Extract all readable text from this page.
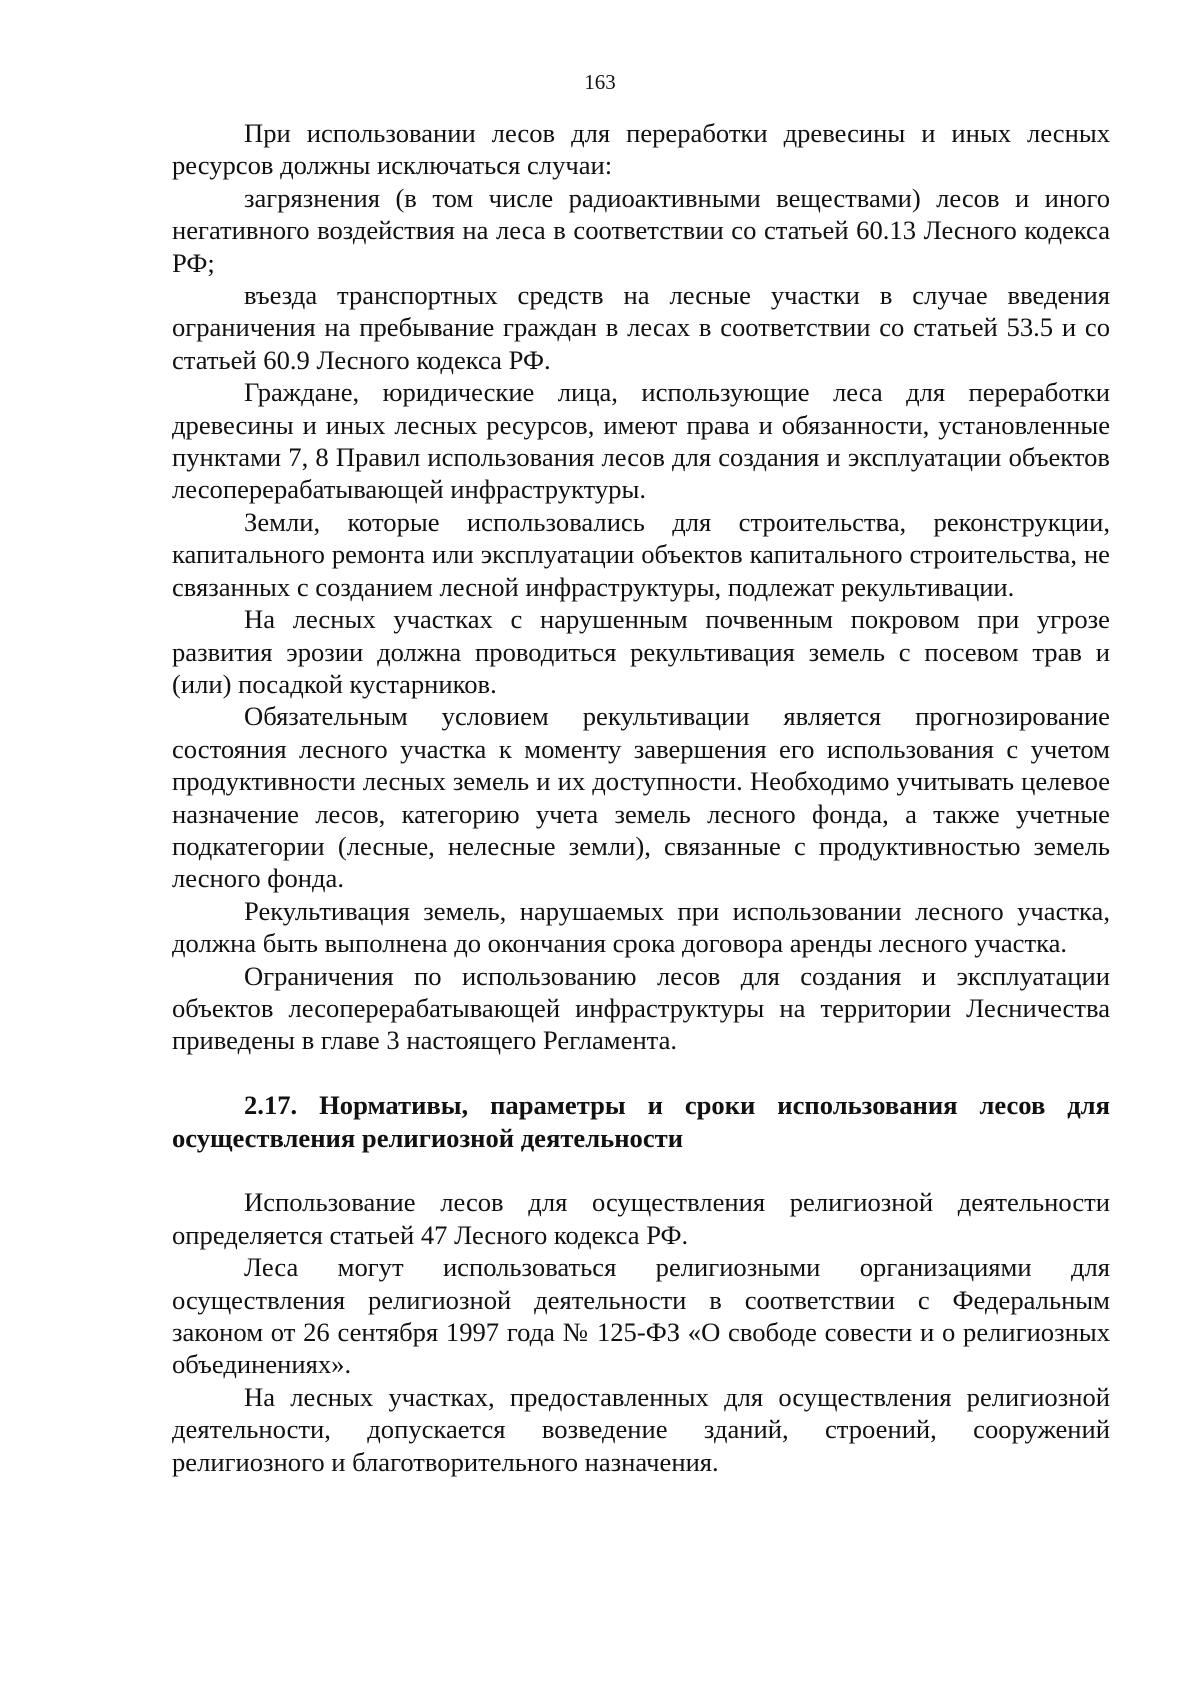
163

При использовании лесов для переработки древесины и иных лесных ресурсов должны исключаться случаи:

загрязнения (в том числе радиоактивными веществами) лесов и иного негативного воздействия на леса в соответствии со статьей 60.13 Лесного кодекса РФ;

въезда транспортных средств на лесные участки в случае введения ограничения на пребывание граждан в лесах в соответствии со статьей 53.5 и со статьей 60.9 Лесного кодекса РФ.

Граждане, юридические лица, использующие леса для переработки древесины и иных лесных ресурсов, имеют права и обязанности, установленные пунктами 7, 8 Правил использования лесов для создания и эксплуатации объектов лесоперерабатывающей инфраструктуры.

Земли, которые использовались для строительства, реконструкции, капитального ремонта или эксплуатации объектов капитального строительства, не связанных с созданием лесной инфраструктуры, подлежат рекультивации.

На лесных участках с нарушенным почвенным покровом при угрозе развития эрозии должна проводиться рекультивация земель с посевом трав и (или) посадкой кустарников.

Обязательным условием рекультивации является прогнозирование состояния лесного участка к моменту завершения его использования с учетом продуктивности лесных земель и их доступности. Необходимо учитывать целевое назначение лесов, категорию учета земель лесного фонда, а также учетные подкатегории (лесные, нелесные земли), связанные с продуктивностью земель лесного фонда.

Рекультивация земель, нарушаемых при использовании лесного участка, должна быть выполнена до окончания срока договора аренды лесного участка.

Ограничения по использованию лесов для создания и эксплуатации объектов лесоперерабатывающей инфраструктуры на территории Лесничества приведены в главе 3 настоящего Регламента.

2.17. Нормативы, параметры и сроки использования лесов для осуществления религиозной деятельности

Использование лесов для осуществления религиозной деятельности определяется статьей 47 Лесного кодекса РФ.

Леса могут использоваться религиозными организациями для осуществления религиозной деятельности в соответствии с Федеральным законом от 26 сентября 1997 года № 125-ФЗ «О свободе совести и о религиозных объединениях».

На лесных участках, предоставленных для осуществления религиозной деятельности, допускается возведение зданий, строений, сооружений религиозного и благотворительного назначения.
